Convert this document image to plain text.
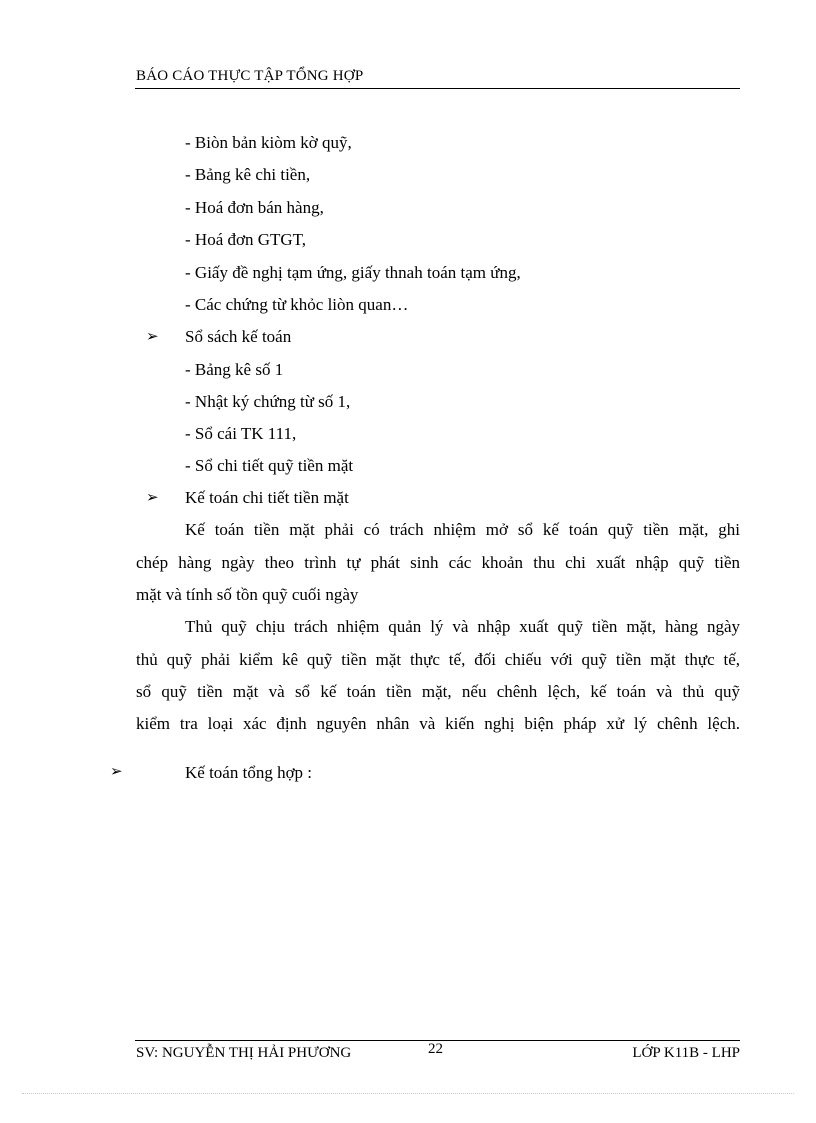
BÁO CÁO THỰC TẬP TỔNG HỢP
- Biòn bản kiòm kờ quỹ,
- Bảng kê chi tiền,
- Hoá đơn bán hàng,
- Hoá đơn GTGT,
- Giấy đề nghị tạm ứng, giấy thnah toán tạm ứng,
- Các chứng từ khỏc liòn quan…
➢ Sổ sách kế toán
- Bảng kê số 1
- Nhật ký chứng từ số 1,
- Sổ cái TK 111,
- Sổ chi tiết quỹ tiền mặt
➢ Kế toán chi tiết tiền mặt
Kế toán tiền mặt phải có trách nhiệm mở sổ kế toán quỹ tiền mặt, ghi
chép hàng ngày theo trình tự phát sinh các khoản thu chi xuất nhập quỹ tiền
mặt và tính số tồn quỹ cuối ngày
Thủ quỹ chịu trách nhiệm quản lý và nhập xuất quỹ tiền mặt, hàng ngày
thủ quỹ phải kiểm kê quỹ tiền mặt thực tế, đối chiếu với quỹ tiền mặt thực tế,
sổ quỹ tiền mặt và sổ kế toán tiền mặt, nếu chênh lệch, kế toán và thủ quỹ
kiểm tra loại xác định nguyên nhân và kiến nghị biện pháp xử lý chênh lệch.
➢	Kế toán tổng hợp :
SV: NGUYỄN THỊ HẢI PHƯƠNG	22	LỚP K11B - LHP
